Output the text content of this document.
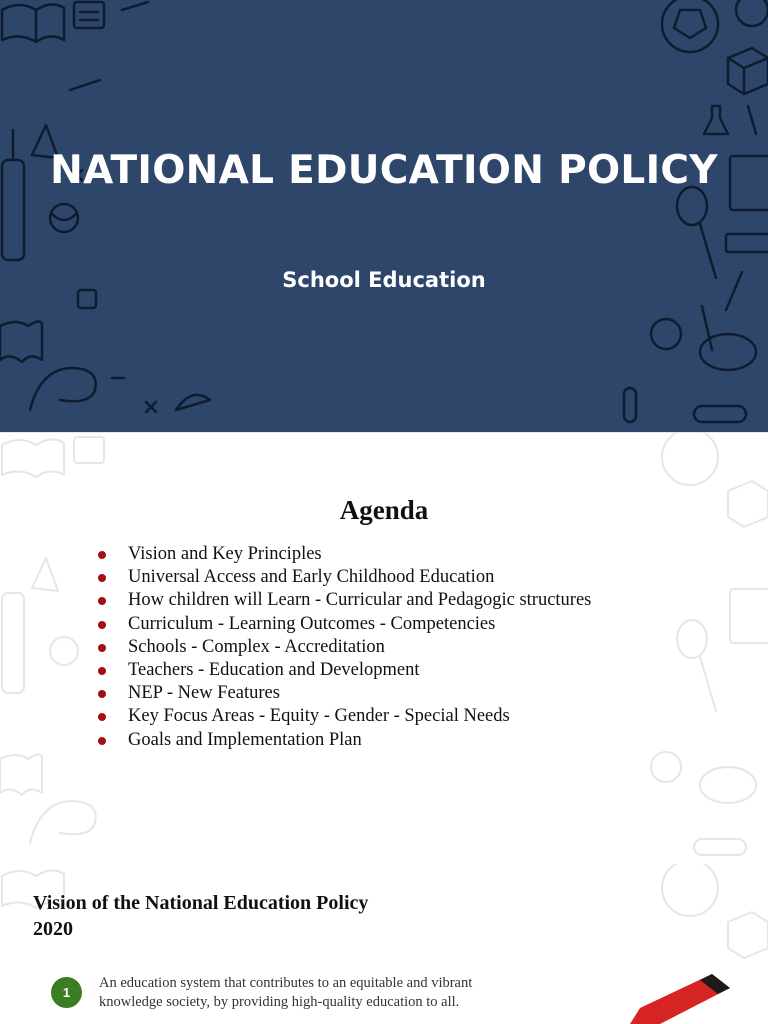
NATIONAL EDUCATION POLICY
School Education
Agenda
Vision and Key Principles
Universal Access and Early Childhood Education
How children will Learn - Curricular and Pedagogic structures
Curriculum - Learning Outcomes - Competencies
Schools - Complex - Accreditation
Teachers - Education and Development
NEP - New Features
Key Focus Areas - Equity - Gender - Special Needs
Goals and Implementation Plan
Vision of the National Education Policy 2020
1
An education system that contributes to an equitable and vibrant knowledge society, by providing high-quality education to all.
